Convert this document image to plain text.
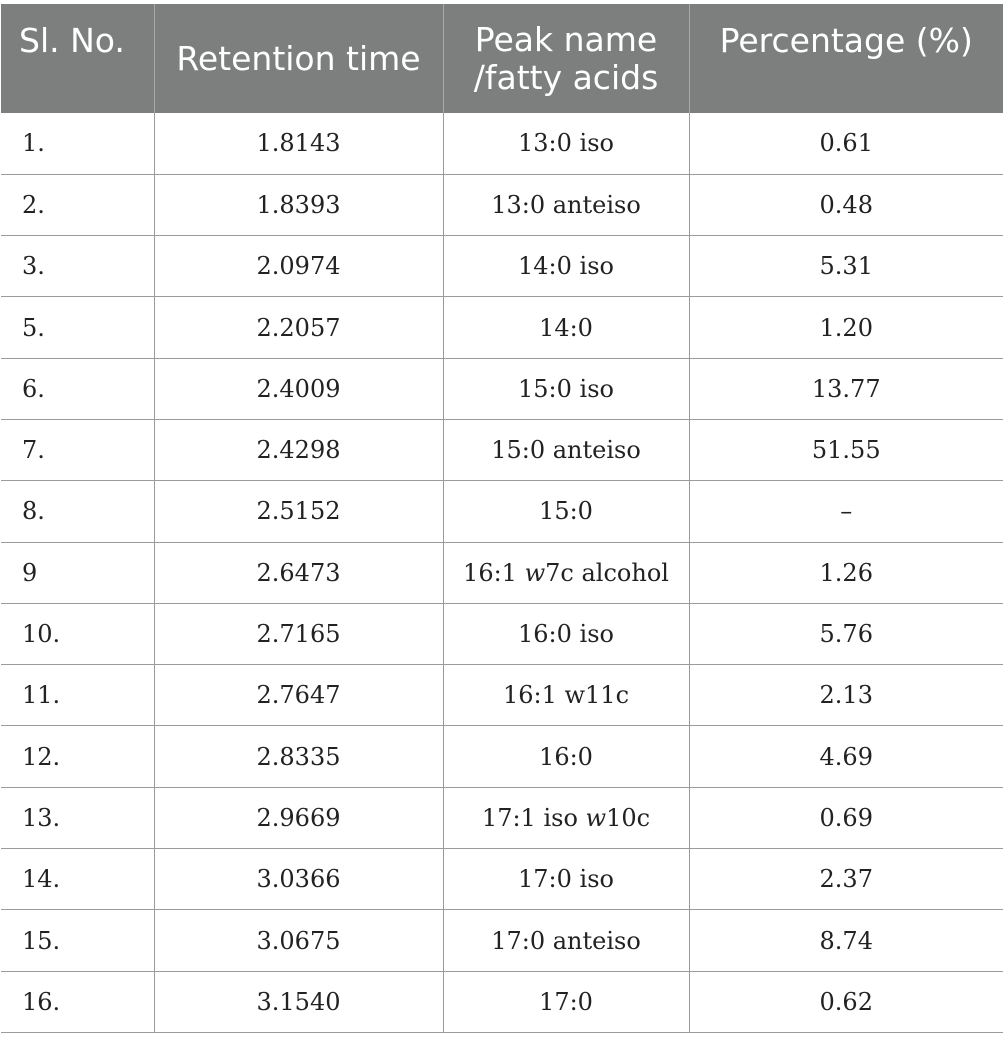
Sl. No.	Retention time	Peak name /fatty acids	Percentage (%)
1.	1.8143	13:0 iso	0.61
2.	1.8393	13:0 anteiso	0.48
3.	2.0974	14:0 iso	5.31
5.	2.2057	14:0	1.20
6.	2.4009	15:0 iso	13.77
7.	2.4298	15:0 anteiso	51.55
8.	2.5152	15:0	–
9	2.6473	16:1 w7c alcohol	1.26
10.	2.7165	16:0 iso	5.76
11.	2.7647	16:1 w11c	2.13
12.	2.8335	16:0	4.69
13.	2.9669	17:1 iso w10c	0.69
14.	3.0366	17:0 iso	2.37
15.	3.0675	17:0 anteiso	8.74
16.	3.1540	17:0	0.62
